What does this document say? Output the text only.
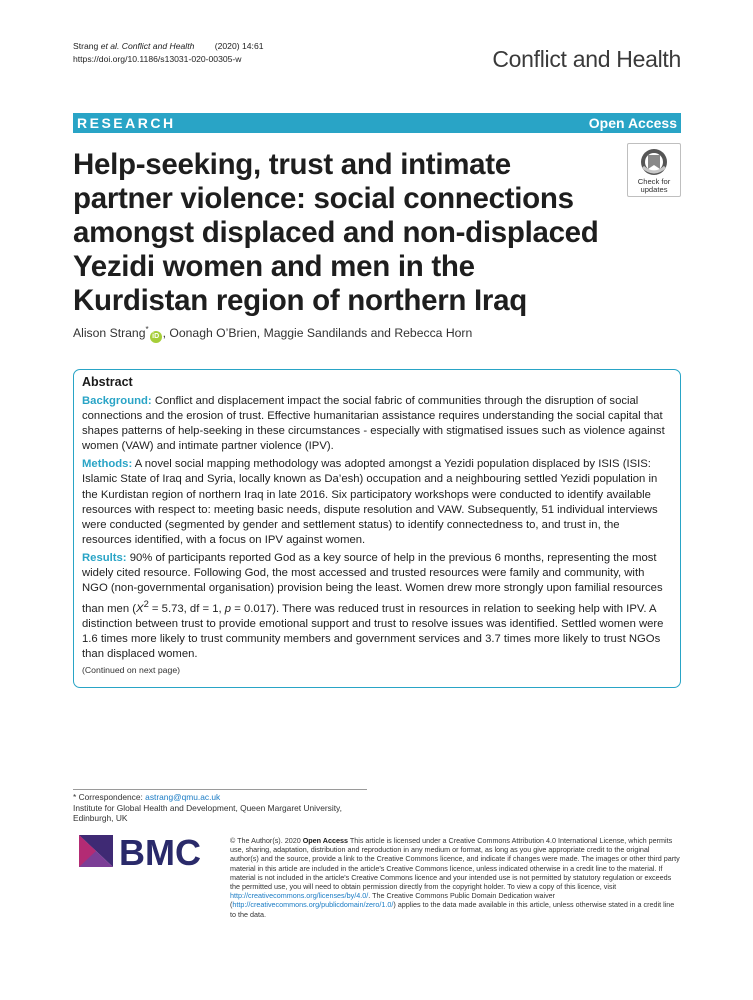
Strang et al. Conflict and Health (2020) 14:61
https://doi.org/10.1186/s13031-020-00305-w	Conflict and Health
RESEARCH	Open Access
Help-seeking, trust and intimate partner violence: social connections amongst displaced and non-displaced Yezidi women and men in the Kurdistan region of northern Iraq
Check for
updates
Alison Strang*iD , Oonagh O’Brien, Maggie Sandilands and Rebecca Horn
Abstract

Background: Conflict and displacement impact the social fabric of communities through the disruption of social connections and the erosion of trust. Effective humanitarian assistance requires understanding the social capital that shapes patterns of help-seeking in these circumstances - especially with stigmatised issues such as violence against women (VAW) and intimate partner violence (IPV).

Methods: A novel social mapping methodology was adopted amongst a Yezidi population displaced by ISIS (ISIS: Islamic State of Iraq and Syria, locally known as Da’esh) occupation and a neighbouring settled Yezidi population in the Kurdistan region of northern Iraq in late 2016. Six participatory workshops were conducted to identify available resources with respect to: meeting basic needs, dispute resolution and VAW. Subsequently, 51 individual interviews were conducted (segmented by gender and settlement status) to identify connectedness to, and trust in, the resources identified, with a focus on IPV against women.

Results: 90% of participants reported God as a key source of help in the previous 6 months, representing the most widely cited resource. Following God, the most accessed and trusted resources were family and community, with NGO (non-governmental organisation) provision being the least. Women drew more strongly upon familial resources than men ($X^2 = 5.73$, df = 1, p = 0.017). There was reduced trust in resources in relation to seeking help with IPV. A distinction between trust to provide emotional support and trust to resolve issues was identified. Settled women were 1.6 times more likely to trust community members and government services and 3.7 times more likely to trust NGOs than displaced women.

(Continued on next page)
* Correspondence: astrang@qmu.ac.uk
Institute for Global Health and Development, Queen Margaret University, Edinburgh, UK
BMC	© The Author(s). 2020 Open Access This article is licensed under a Creative Commons Attribution 4.0 International License, which permits use, sharing, adaptation, distribution and reproduction in any medium or format, as long as you give appropriate credit to the original author(s) and the source, provide a link to the Creative Commons licence, and indicate if changes were made. The images or other third party material in this article are included in the article's Creative Commons licence, unless indicated otherwise in a credit line to the material. If material is not included in the article's Creative Commons licence and your intended use is not permitted by statutory regulation or exceeds the permitted use, you will need to obtain permission directly from the copyright holder. To view a copy of this licence, visit http://creativecommons.org/licenses/by/4.0/. The Creative Commons Public Domain Dedication waiver (http://creativecommons.org/publicdomain/zero/1.0/) applies to the data made available in this article, unless otherwise stated in a credit line to the data.
